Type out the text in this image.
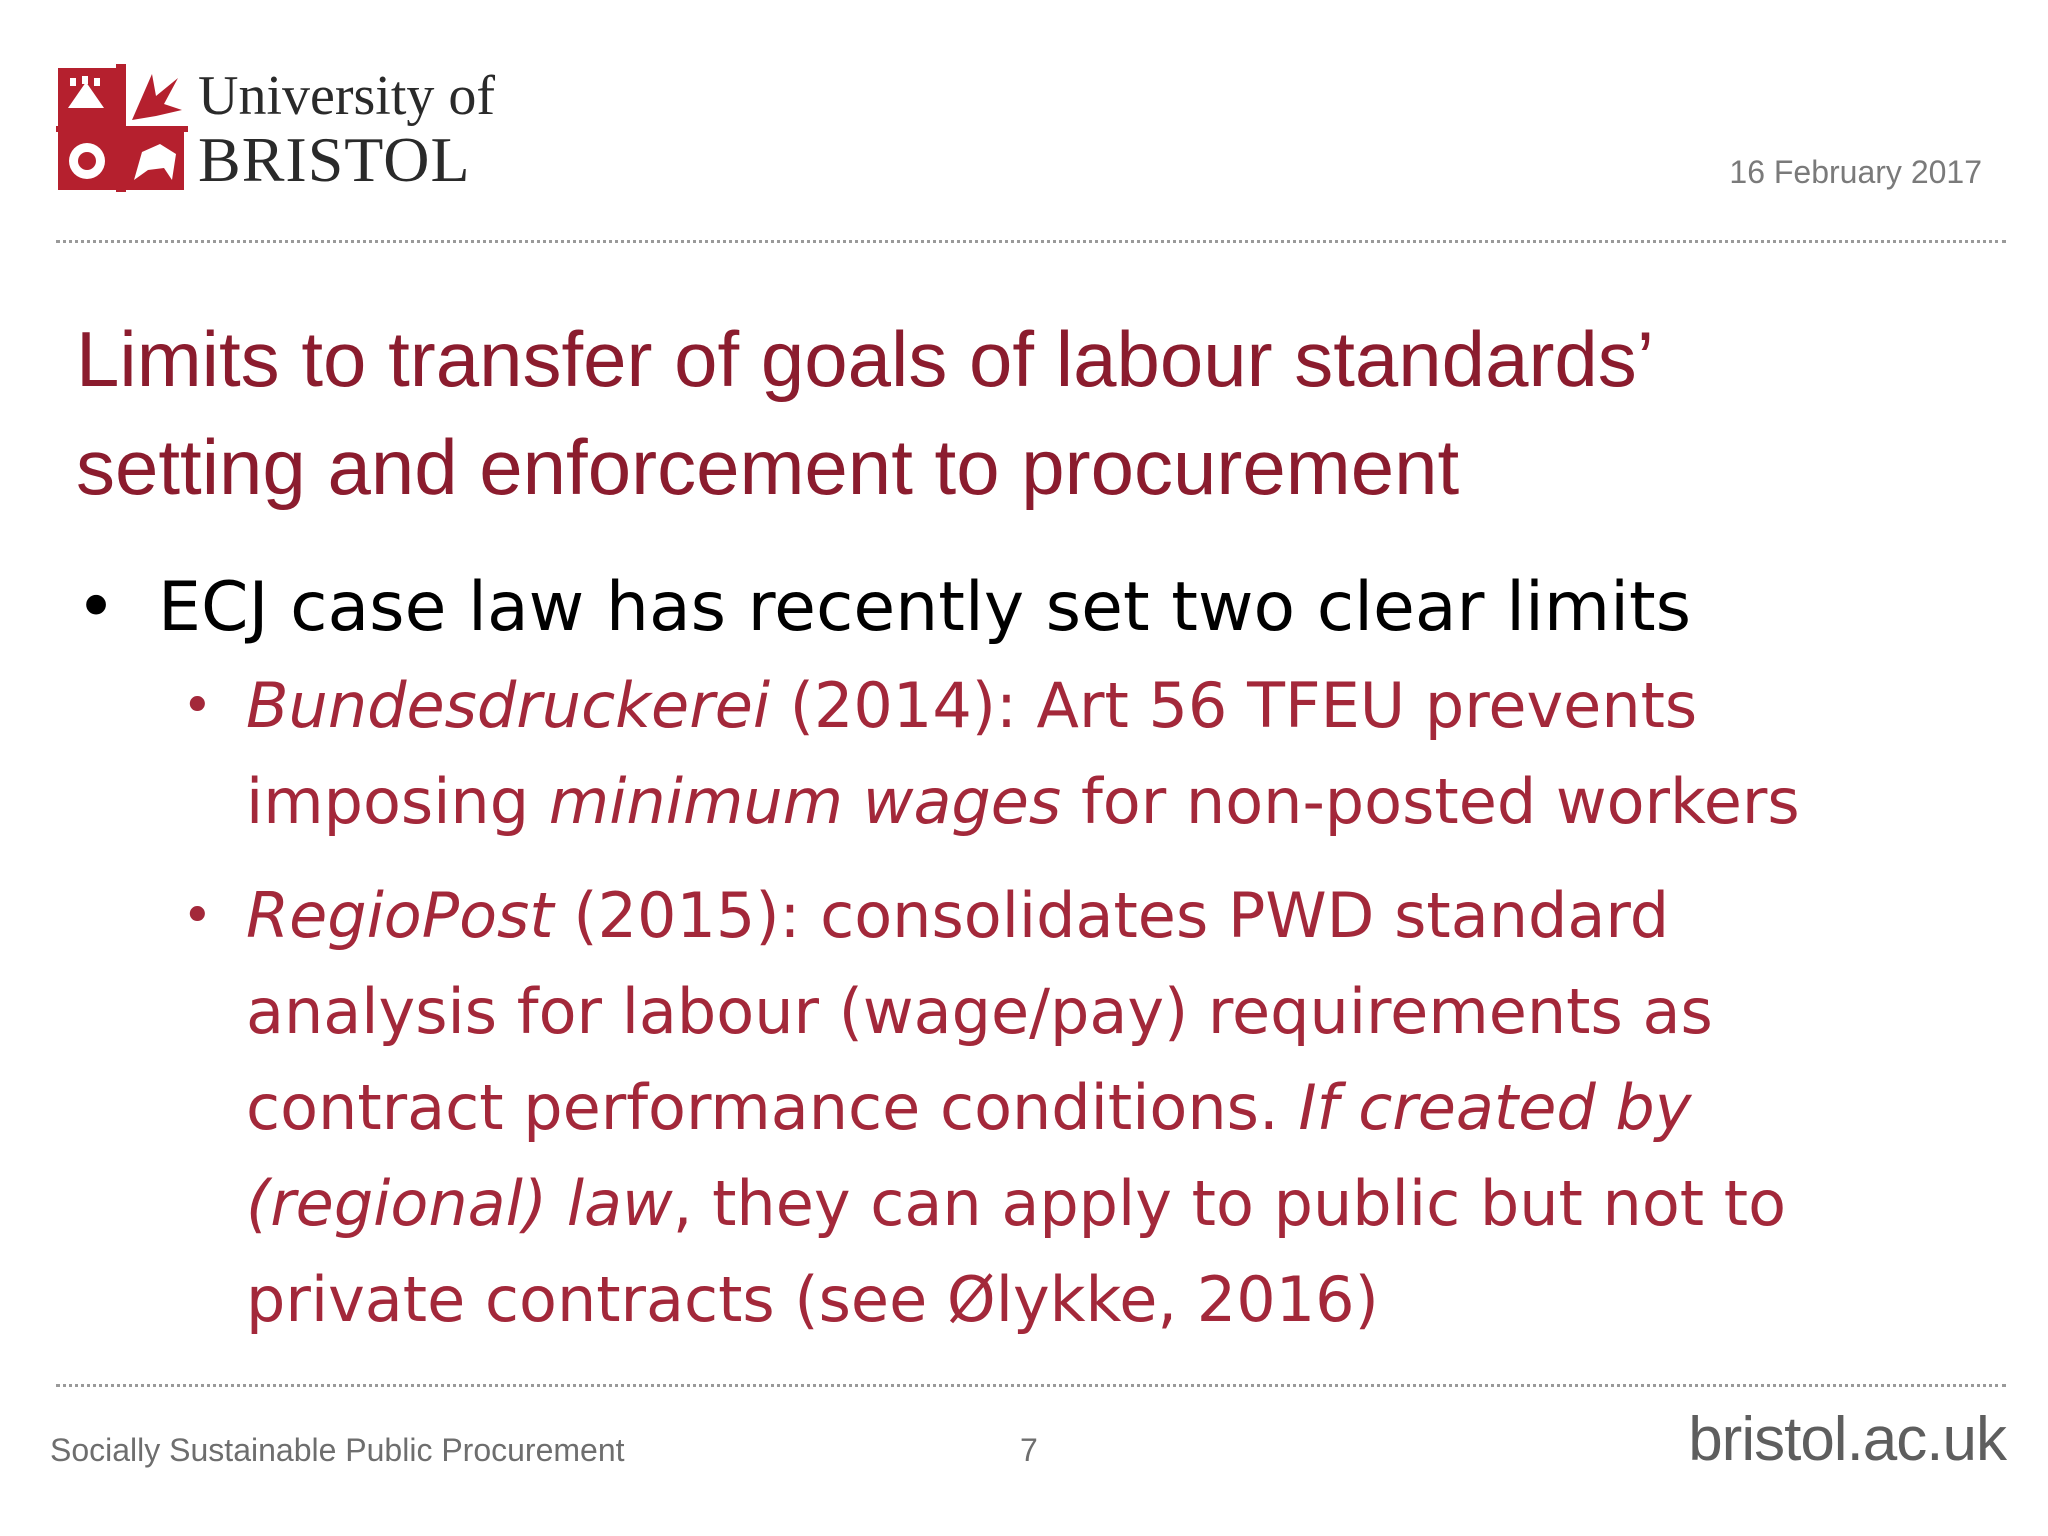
University of
BRISTOL	16 February 2017
Limits to transfer of goals of labour standards’
setting and enforcement to procurement
• ECJ case law has recently set two clear limits
• Bundesdruckerei (2014): Art 56 TFEU prevents
imposing minimum wages for non-posted workers
• RegioPost (2015): consolidates PWD standard
analysis for labour (wage/pay) requirements as
contract performance conditions. If created by
(regional) law, they can apply to public but not to
private contracts (see Ølykke, 2016)
Socially Sustainable Public Procurement	7	bristol.ac.uk
